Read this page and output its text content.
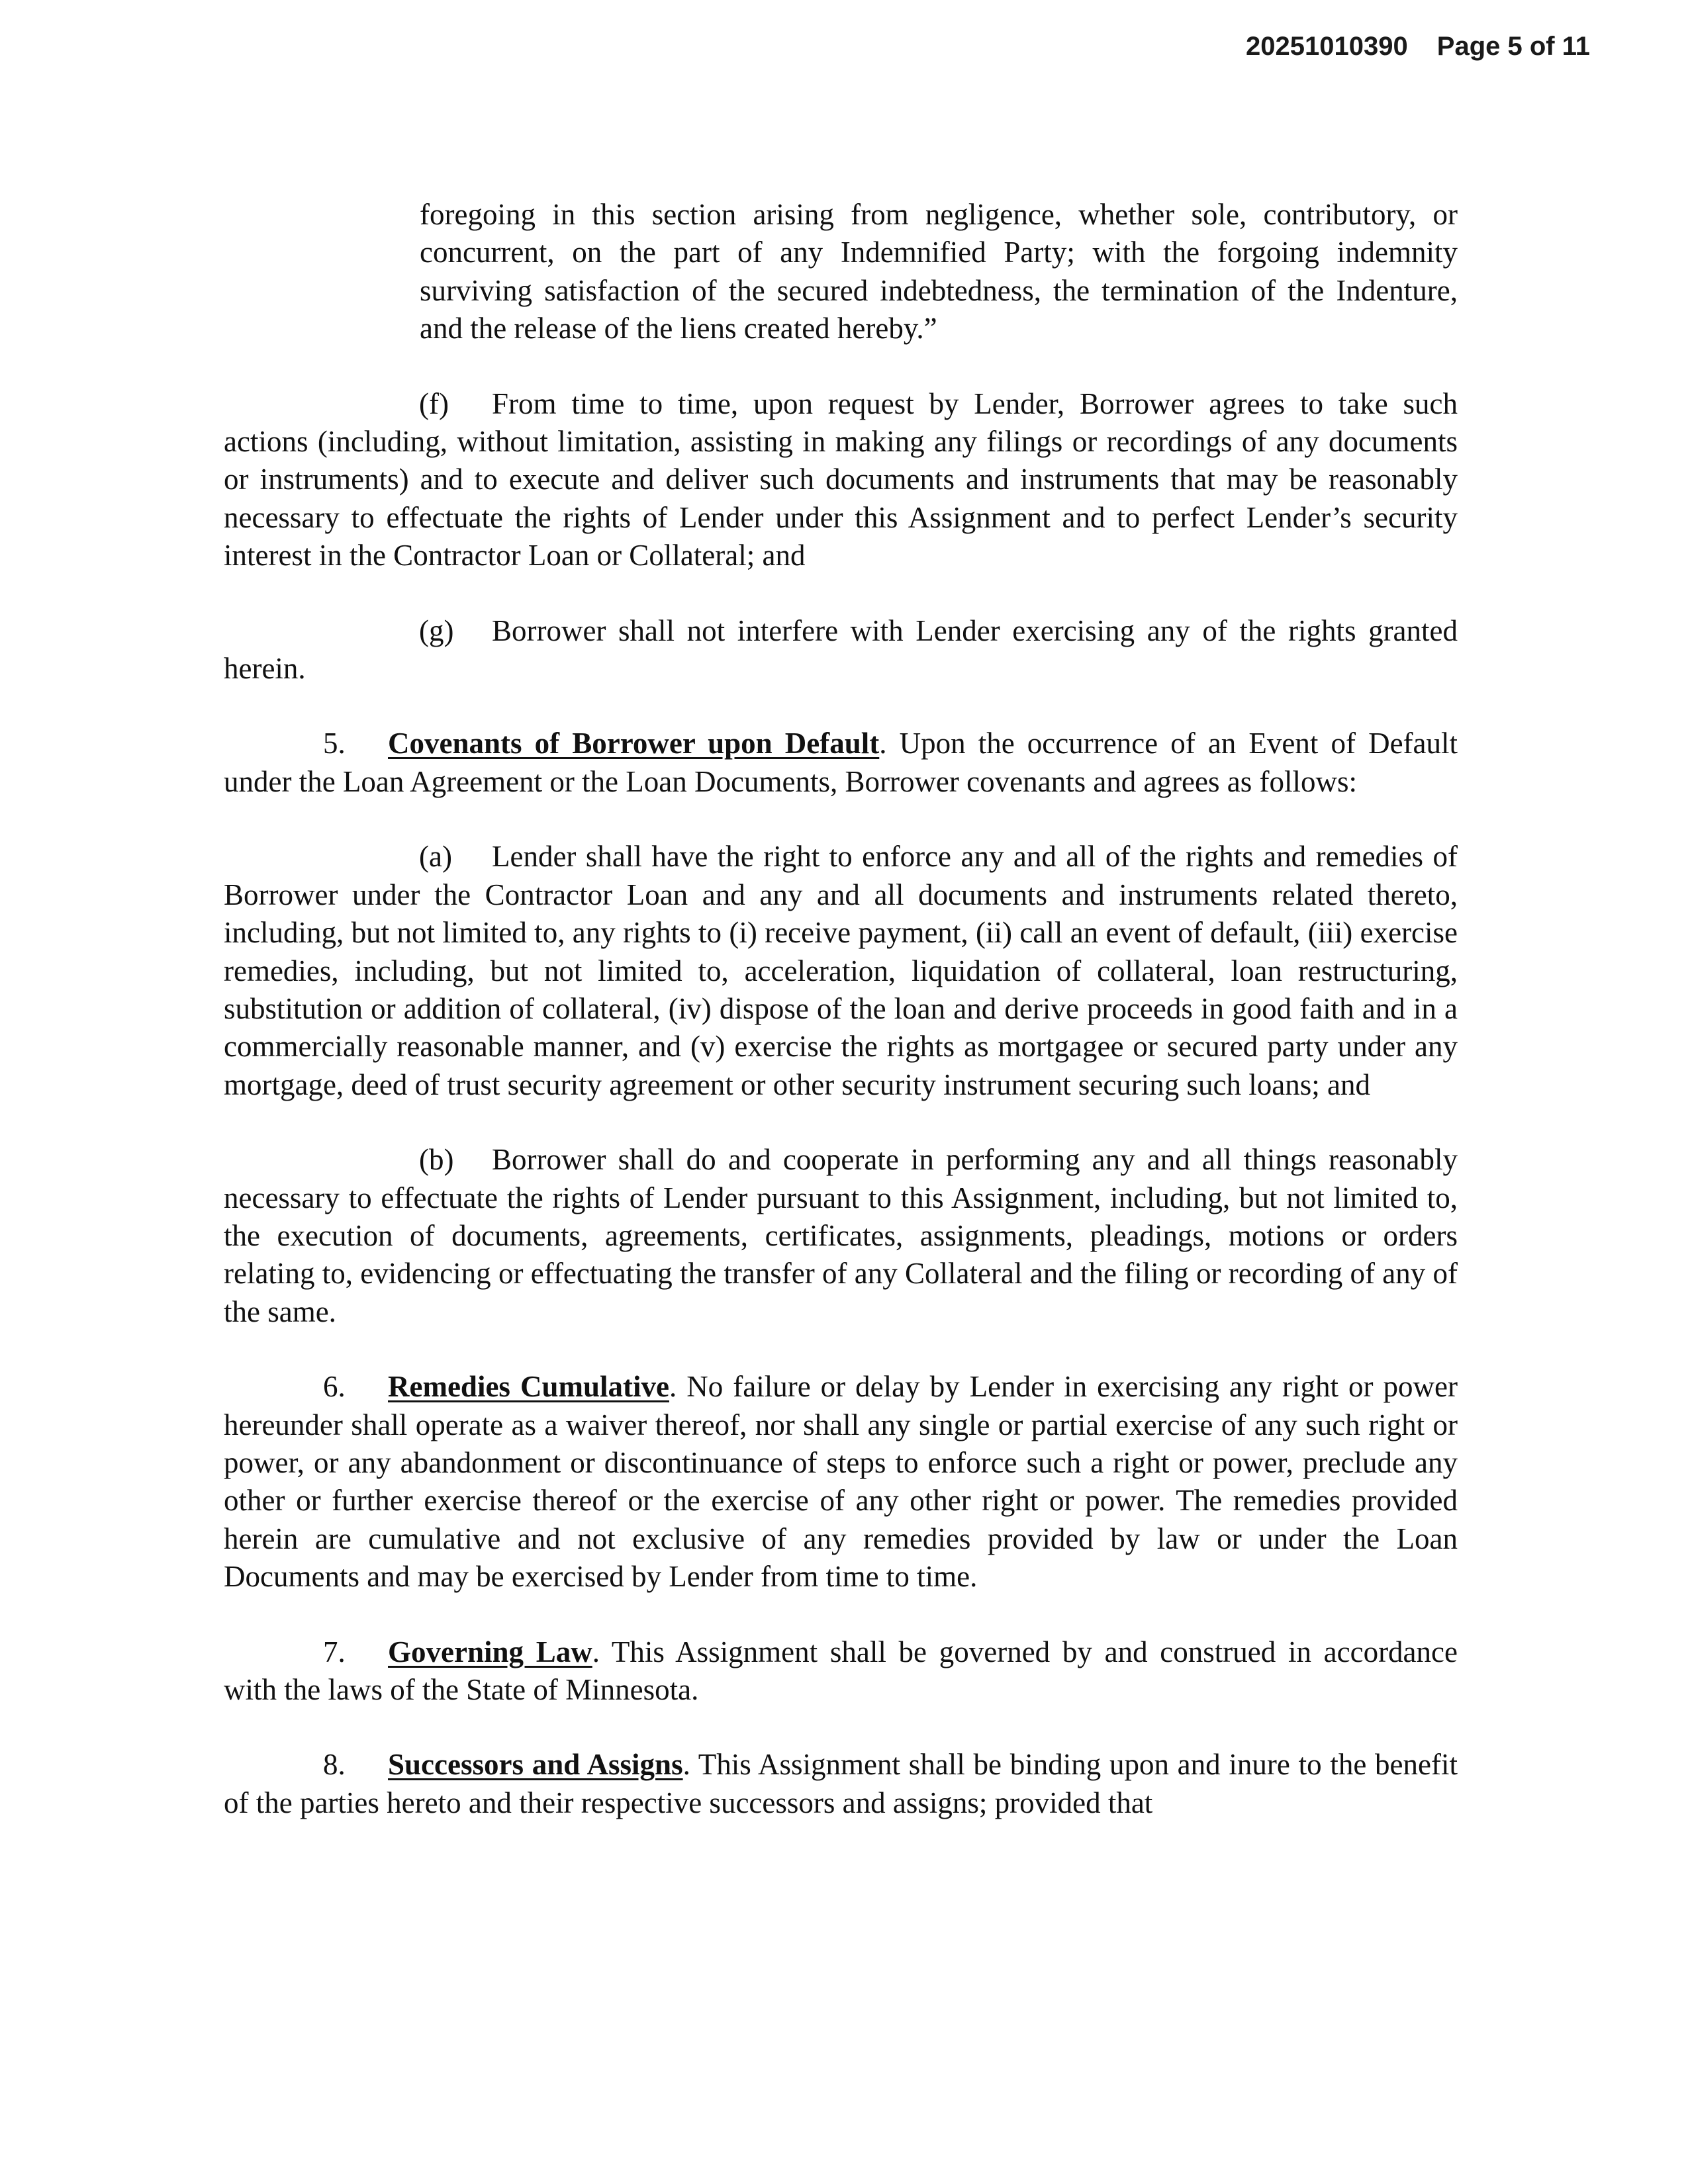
20251010390 Page 5 of 11

foregoing in this section arising from negligence, whether sole, contributory, or concurrent, on the part of any Indemnified Party; with the forgoing indemnity surviving satisfaction of the secured indebtedness, the termination of the Indenture, and the release of the liens created hereby.”

(f) From time to time, upon request by Lender, Borrower agrees to take such actions (including, without limitation, assisting in making any filings or recordings of any documents or instruments) and to execute and deliver such documents and instruments that may be reasonably necessary to effectuate the rights of Lender under this Assignment and to perfect Lender’s security interest in the Contractor Loan or Collateral; and

(g) Borrower shall not interfere with Lender exercising any of the rights granted herein.

5. Covenants of Borrower upon Default. Upon the occurrence of an Event of Default under the Loan Agreement or the Loan Documents, Borrower covenants and agrees as follows:

(a) Lender shall have the right to enforce any and all of the rights and remedies of Borrower under the Contractor Loan and any and all documents and instruments related thereto, including, but not limited to, any rights to (i) receive payment, (ii) call an event of default, (iii) exercise remedies, including, but not limited to, acceleration, liquidation of collateral, loan restructuring, substitution or addition of collateral, (iv) dispose of the loan and derive proceeds in good faith and in a commercially reasonable manner, and (v) exercise the rights as mortgagee or secured party under any mortgage, deed of trust security agreement or other security instrument securing such loans; and

(b) Borrower shall do and cooperate in performing any and all things reasonably necessary to effectuate the rights of Lender pursuant to this Assignment, including, but not limited to, the execution of documents, agreements, certificates, assignments, pleadings, motions or orders relating to, evidencing or effectuating the transfer of any Collateral and the filing or recording of any of the same.

6. Remedies Cumulative. No failure or delay by Lender in exercising any right or power hereunder shall operate as a waiver thereof, nor shall any single or partial exercise of any such right or power, or any abandonment or discontinuance of steps to enforce such a right or power, preclude any other or further exercise thereof or the exercise of any other right or power. The remedies provided herein are cumulative and not exclusive of any remedies provided by law or under the Loan Documents and may be exercised by Lender from time to time.

7. Governing Law. This Assignment shall be governed by and construed in accordance with the laws of the State of Minnesota.

8. Successors and Assigns. This Assignment shall be binding upon and inure to the benefit of the parties hereto and their respective successors and assigns; provided that
